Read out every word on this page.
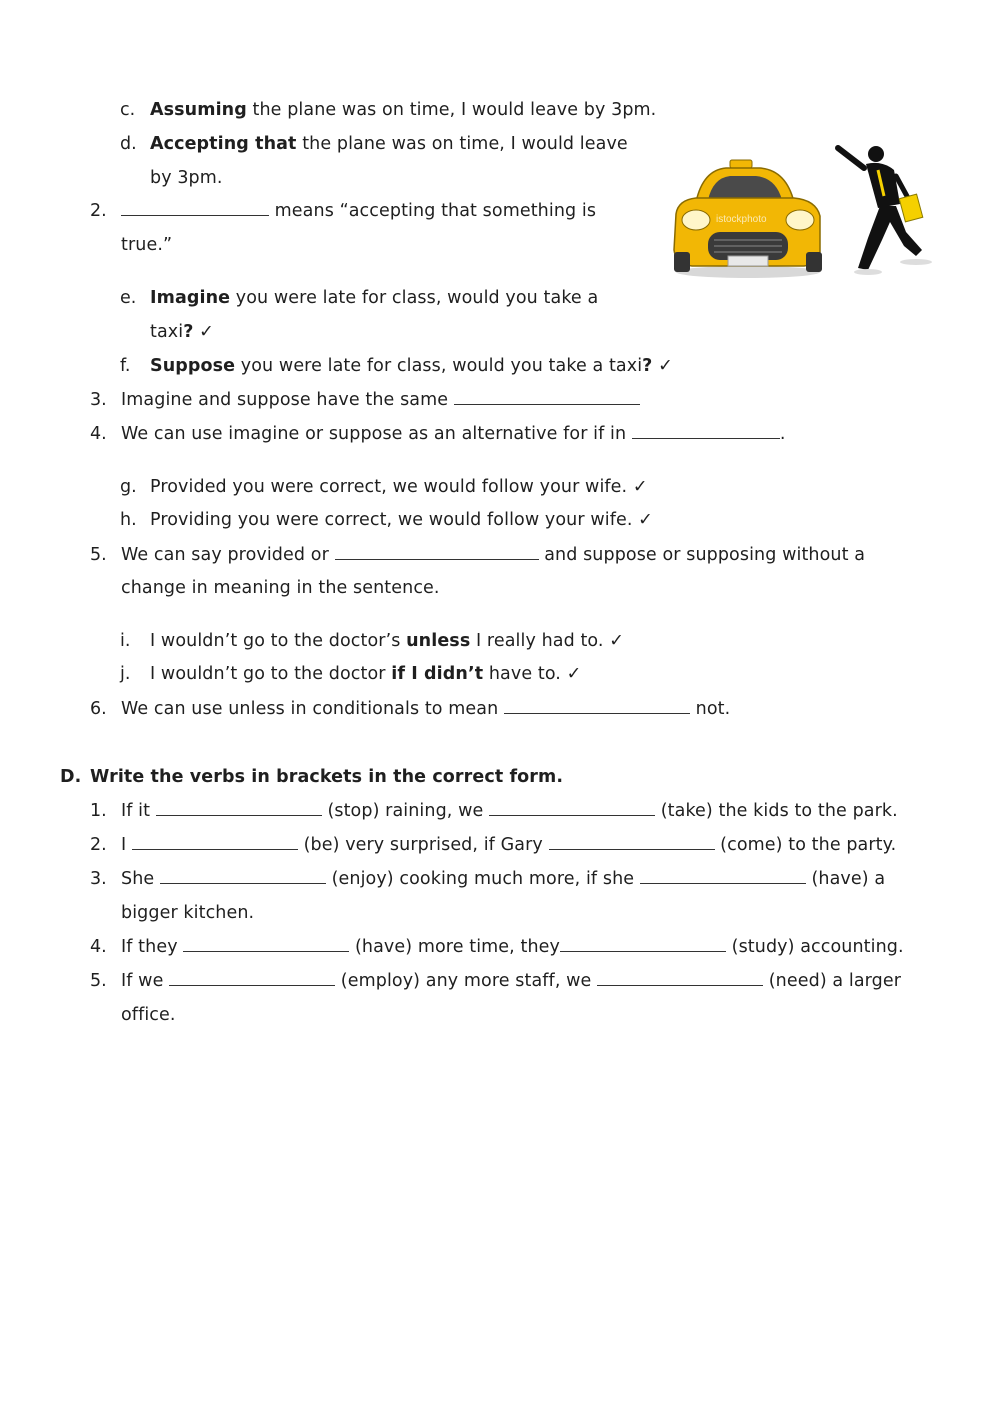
c. Assuming the plane was on time, I would leave by 3pm.
d. Accepting that the plane was on time, I would leave
by 3pm.
2.	means “accepting that something is
true.”
e. Imagine you were late for class, would you take a
taxi? ✓
f. Suppose you were late for class, would you take a taxi? ✓
3. Imagine and suppose have the same
4. We can use imagine or suppose as an alternative for if in	.
g. Provided you were correct, we would follow your wife. ✓
h. Providing you were correct, we would follow your wife. ✓
5. We can say provided or	and suppose or supposing without a
change in meaning in the sentence.
i. I wouldn’t go to the doctor’s unless I really had to. ✓
j. I wouldn’t go to the doctor if I didn’t have to. ✓
6. We can use unless in conditionals to mean	not.
D. Write the verbs in brackets in the correct form.
1. If it	(stop) raining, we	(take) the kids to the park.
2. I	(be) very surprised, if Gary	(come) to the party.
3. She	(enjoy) cooking much more, if she	(have) a
bigger kitchen.
4. If they	(have) more time, they	(study) accounting.
5. If we	(employ) any more staff, we	(need) a larger
office.
istockphoto
